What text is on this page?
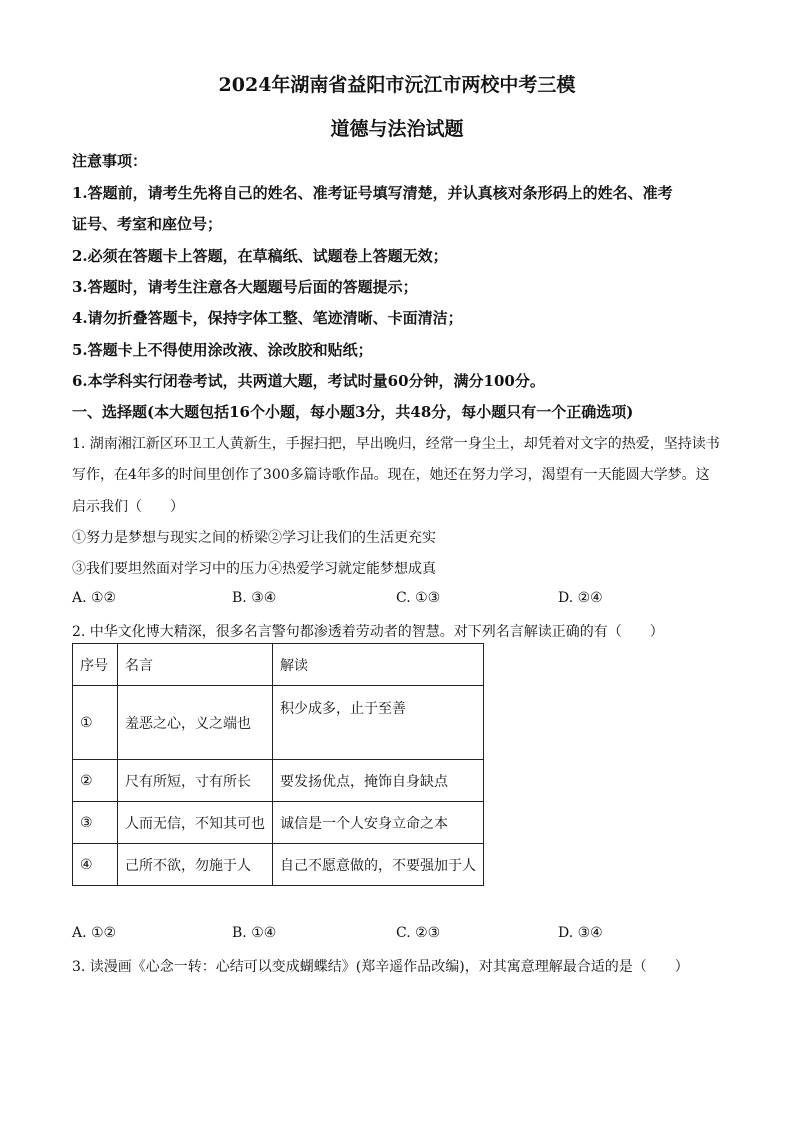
2024年湖南省益阳市沅江市两校中考三模
道德与法治试题
注意事项：
1.答题前，请考生先将自己的姓名、准考证号填写清楚，并认真核对条形码上的姓名、准考
证号、考室和座位号；
2.必须在答题卡上答题，在草稿纸、试题卷上答题无效；
3.答题时，请考生注意各大题题号后面的答题提示；
4.请勿折叠答题卡，保持字体工整、笔迹清晰、卡面清洁；
5.答题卡上不得使用涂改液、涂改胶和贴纸；
6.本学科实行闭卷考试，共两道大题，考试时量60分钟，满分100分。
一、选择题(本大题包括16个小题，每小题3分，共48分，每小题只有一个正确选项)
1. 湖南湘江新区环卫工人黄新生，手握扫把，早出晚归，经常一身尘土，却凭着对文字的热爱，坚持读书
写作，在4年多的时间里创作了300多篇诗歌作品。现在，她还在努力学习，渴望有一天能圆大学梦。这
启示我们（　　）
①努力是梦想与现实之间的桥梁②学习让我们的生活更充实
③我们要坦然面对学习中的压力④热爱学习就定能梦想成真
A. ①②	B. ③④	C. ①③	D. ②④
2. 中华文化博大精深，很多名言警句都渗透着劳动者的智慧。对下列名言解读正确的有（　　）
序号	名言	解读
①	羞恶之心，义之端也	积少成多，止于至善
②	尺有所短，寸有所长	要发扬优点，掩饰自身缺点
③	人而无信，不知其可也	诚信是一个人安身立命之本
④	己所不欲，勿施于人	自己不愿意做的，不要强加于人
A. ①②	B. ①④	C. ②③	D. ③④
3. 读漫画《心念一转：心结可以变成蝴蝶结》(郑辛遥作品改编)，对其寓意理解最合适的是（　　）
